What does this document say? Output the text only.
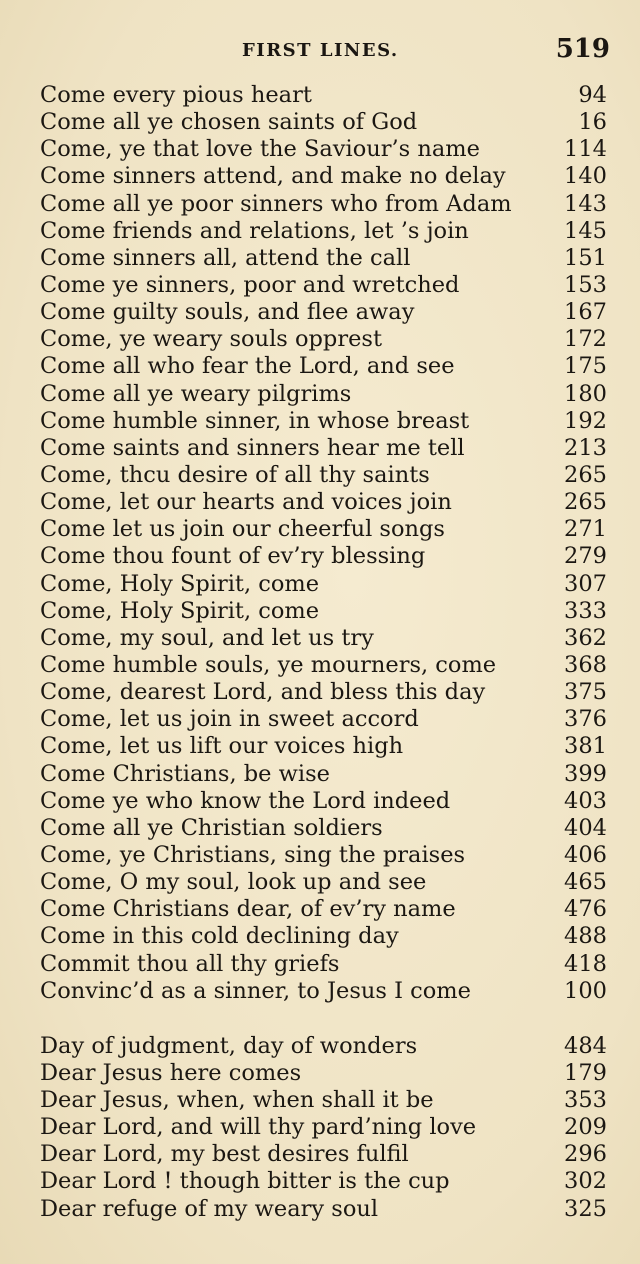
FIRST LINES.	519
Come every pious heart	94
Come all ye chosen saints of God	16
Come, ye that love the Saviour’s name	114
Come sinners attend, and make no delay	140
Come all ye poor sinners who from Adam 143
Come friends and relations, let ’s join	145
Come sinners all, attend the call	151
Come ye sinners, poor and wretched	153
Come guilty souls, and flee away	167
Come, ye weary souls opprest	172
Come all who fear the Lord, and see	175
Come all ye weary pilgrims	180
Come humble sinner, in whose breast	192
Come saints and sinners hear me tell	213
Come, thcu desire of all thy saints	265
Come, let our hearts and voices join	265
Come let us join our cheerful songs	271
Come thou fount of ev’ry blessing	279
Come, Holy Spirit, come	307
Come, Holy Spirit, come	333
Come, my soul, and let us try	362
Come humble souls, ye mourners, come	368
Come, dearest Lord, and bless this day	375
Come, let us join in sweet accord	376
Come, let us lift our voices high	381
Come Christians, be wise	399
Come ye who know the Lord indeed	403
Come all ye Christian soldiers	404
Come, ye Christians, sing the praises	406
Come, O my soul, look up and see	465
Come Christians dear, of ev’ry name	476
Come in this cold declining day	488
Commit thou all thy griefs	418
Convinc’d as a sinner, to Jesus I come	100
Day of judgment, day of wonders	484
Dear Jesus here comes	179
Dear Jesus, when, when shall it be	353
Dear Lord, and will thy pard’ning love	209
Dear Lord, my best desires fulfil	296
Dear Lord ! though bitter is the cup	302
Dear refuge of my weary soul	325
